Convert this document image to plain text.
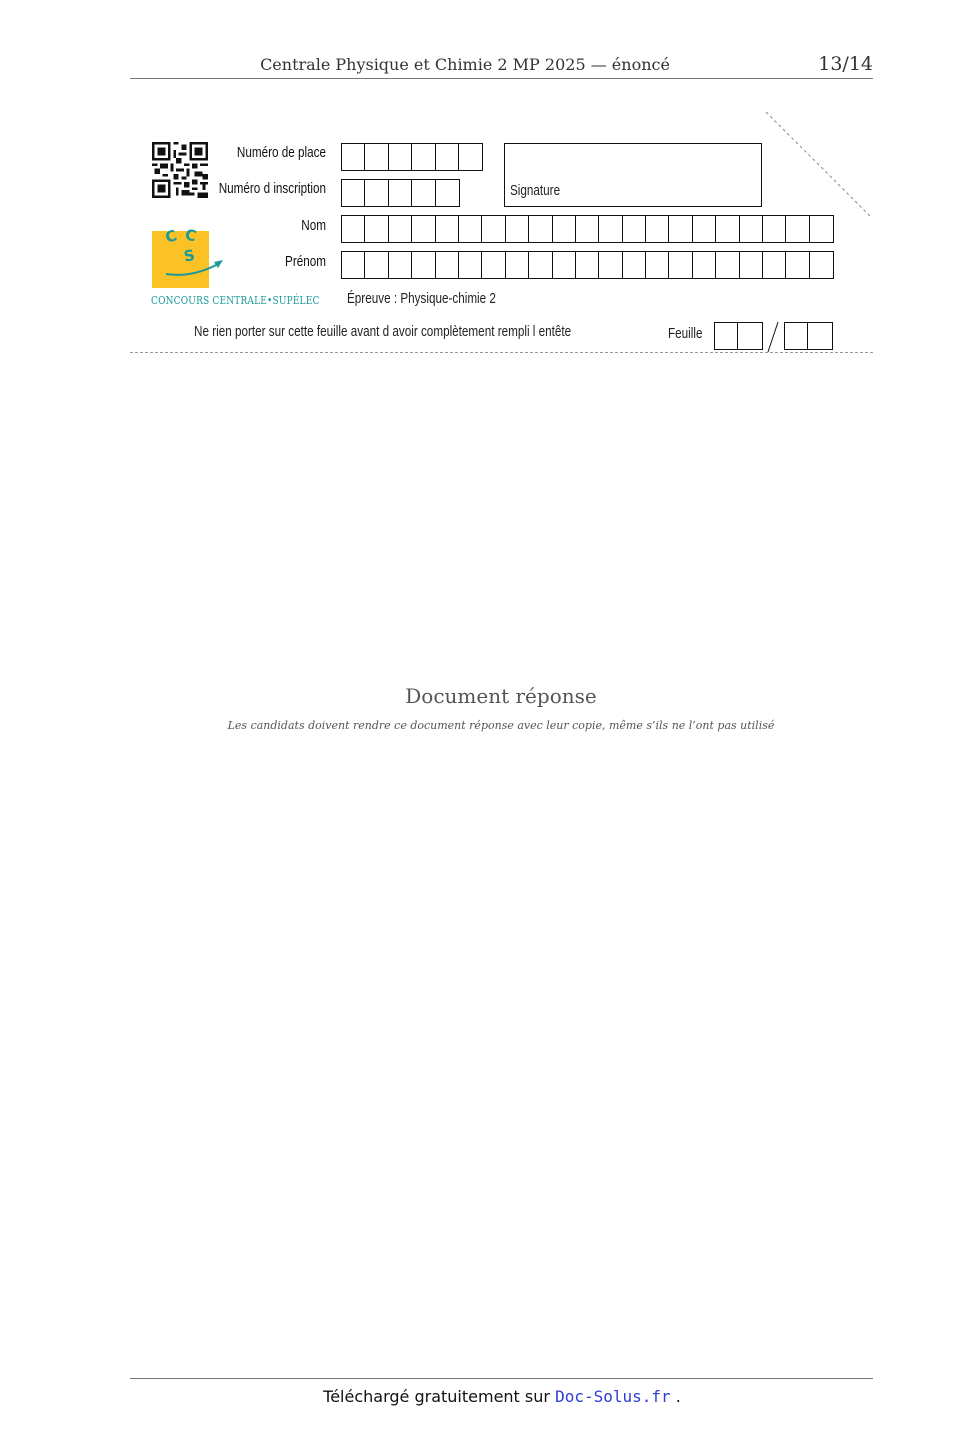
Centrale Physique et Chimie 2 MP 2025 — énoncé	13/14
C C
S
CONCOURS CENTRALE•SUPÉLEC
Numéro de place
Numéro d inscription
Nom
Prénom
Signature
Épreuve : Physique-chimie 2
Ne rien porter sur cette feuille avant d avoir complètement rempli l entête	Feuille
Document réponse
Les candidats doivent rendre ce document réponse avec leur copie, même s’ils ne l’ont pas utilisé
Téléchargé gratuitement sur Doc-Solus.fr .
